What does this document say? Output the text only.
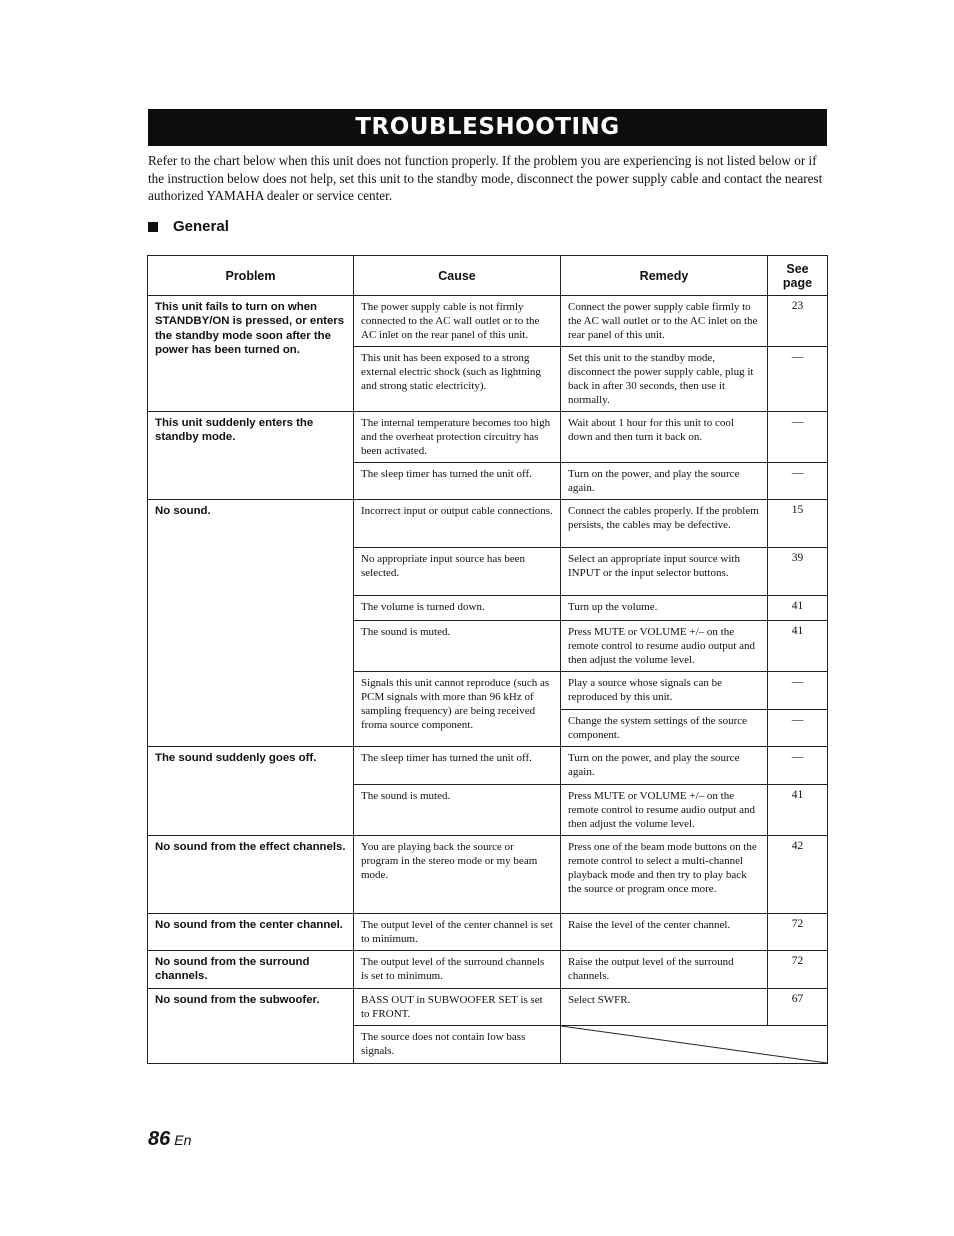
TROUBLESHOOTING

Refer to the chart below when this unit does not function properly. If the problem you are experiencing is not listed below or if the instruction below does not help, set this unit to the standby mode, disconnect the power supply cable and contact the nearest authorized YAMAHA dealer or service center.

General
Problem	Cause	Remedy	See page
This unit fails to turn on when STANDBY/ON is pressed, or enters the standby mode soon after the power has been turned on.	The power supply cable is not firmly connected to the AC wall outlet or to the AC inlet on the rear panel of this unit.	Connect the power supply cable firmly to the AC wall outlet or to the AC inlet on the rear panel of this unit.	23
	This unit has been exposed to a strong external electric shock (such as lightning and strong static electricity).	Set this unit to the standby mode, disconnect the power supply cable, plug it back in after 30 seconds, then use it normally.	—
This unit suddenly enters the standby mode.	The internal temperature becomes too high and the overheat protection circuitry has been activated.	Wait about 1 hour for this unit to cool down and then turn it back on.	—
	The sleep timer has turned the unit off.	Turn on the power, and play the source again.	—
No sound.	Incorrect input or output cable connections.	Connect the cables properly. If the problem persists, the cables may be defective.	15
	No appropriate input source has been selected.	Select an appropriate input source with INPUT or the input selector buttons.	39
	The volume is turned down.	Turn up the volume.	41
	The sound is muted.	Press MUTE or VOLUME +/– on the remote control to resume audio output and then adjust the volume level.	41
	Signals this unit cannot reproduce (such as PCM signals with more than 96 kHz of sampling frequency) are being received froma source component.	Play a source whose signals can be reproduced by this unit.	—
		Change the system settings of the source component.	—
The sound suddenly goes off.	The sleep timer has turned the unit off.	Turn on the power, and play the source again.	—
	The sound is muted.	Press MUTE or VOLUME +/– on the remote control to resume audio output and then adjust the volume level.	41
No sound from the effect channels.	You are playing back the source or program in the stereo mode or my beam mode.	Press one of the beam mode buttons on the remote control to select a multi-channel playback mode and then try to play back the source or program once more.	42
No sound from the center channel.	The output level of the center channel is set to minimum.	Raise the level of the center channel.	72
No sound from the surround channels.	The output level of the surround channels is set to minimum.	Raise the output level of the surround channels.	72
No sound from the subwoofer.	BASS OUT in SUBWOOFER SET is set to FRONT.	Select SWFR.	67
	The source does not contain low bass signals.	
86 En
